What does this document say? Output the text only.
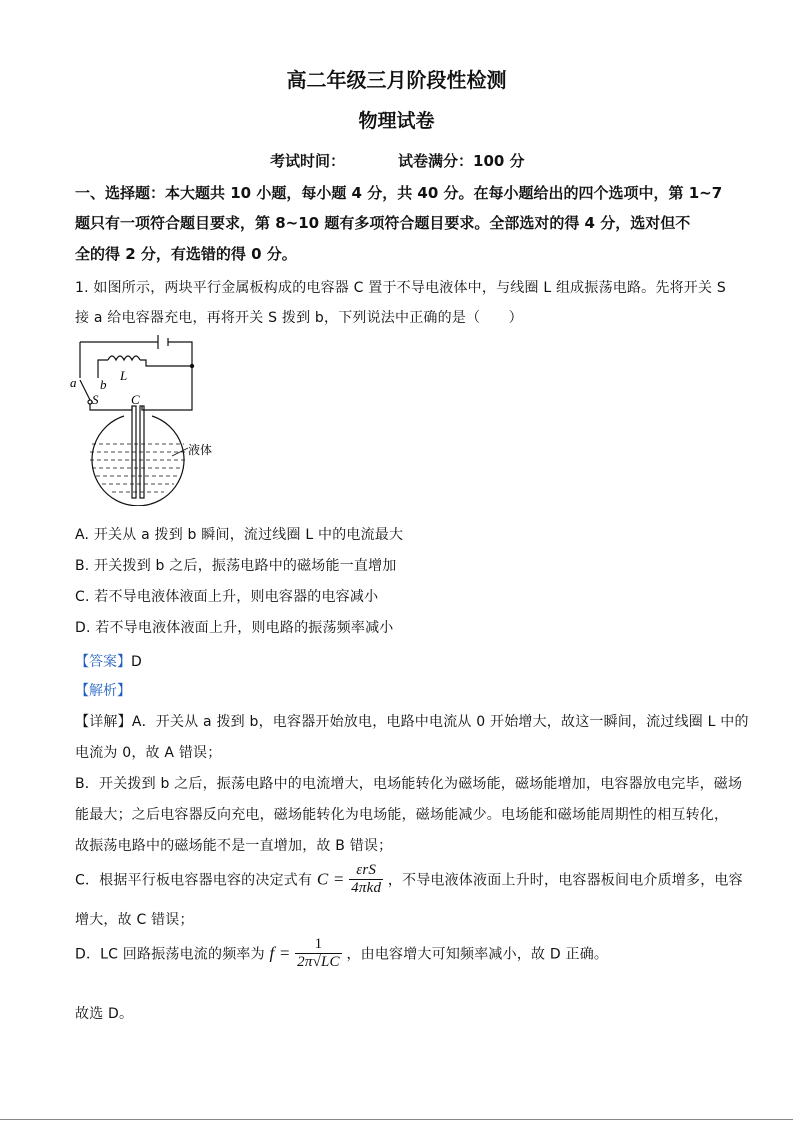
高二年级三月阶段性检测
物理试卷
考试时间：	试卷满分：100 分
一、选择题：本大题共 10 小题，每小题 4 分，共 40 分。在每小题给出的四个选项中，第 1~7
题只有一项符合题目要求，第 8~10 题有多项符合题目要求。全部选对的得 4 分，选对但不
全的得 2 分，有选错的得 0 分。
1. 如图所示，两块平行金属板构成的电容器 C 置于不导电液体中，与线圈 L 组成振荡电路。先将开关 S
接 a 给电容器充电，再将开关 S 拨到 b，下列说法中正确的是（　　）
a b
S	C
L
液体
A. 开关从 a 拨到 b 瞬间，流过线圈 L 中的电流最大
B. 开关拨到 b 之后，振荡电路中的磁场能一直增加
C. 若不导电液体液面上升，则电容器的电容减小
D. 若不导电液体液面上升，则电路的振荡频率减小
【答案】D
【解析】
【详解】A．开关从 a 拨到 b，电容器开始放电，电路中电流从 0 开始增大，故这一瞬间，流过线圈 L 中的
电流为 0，故 A 错误；
B．开关拨到 b 之后，振荡电路中的电流增大，电场能转化为磁场能，磁场能增加，电容器放电完毕，磁场
能最大；之后电容器反向充电，磁场能转化为电场能，磁场能减少。电场能和磁场能周期性的相互转化，
故振荡电路中的磁场能不是一直增加，故 B 错误；
C．根据平行板电容器电容的决定式有 $C = \frac{\text{εrS}}{\text{4πkd}}$ ，不导电液体液面上升时，电容器板间电介质增多，电容
增大，故 C 错误；
D．LC 回路振荡电流的频率为 $f = \frac{1}{2\pi√LC}$ ，由电容增大可知频率减小，故 D 正确。
故选 D。
